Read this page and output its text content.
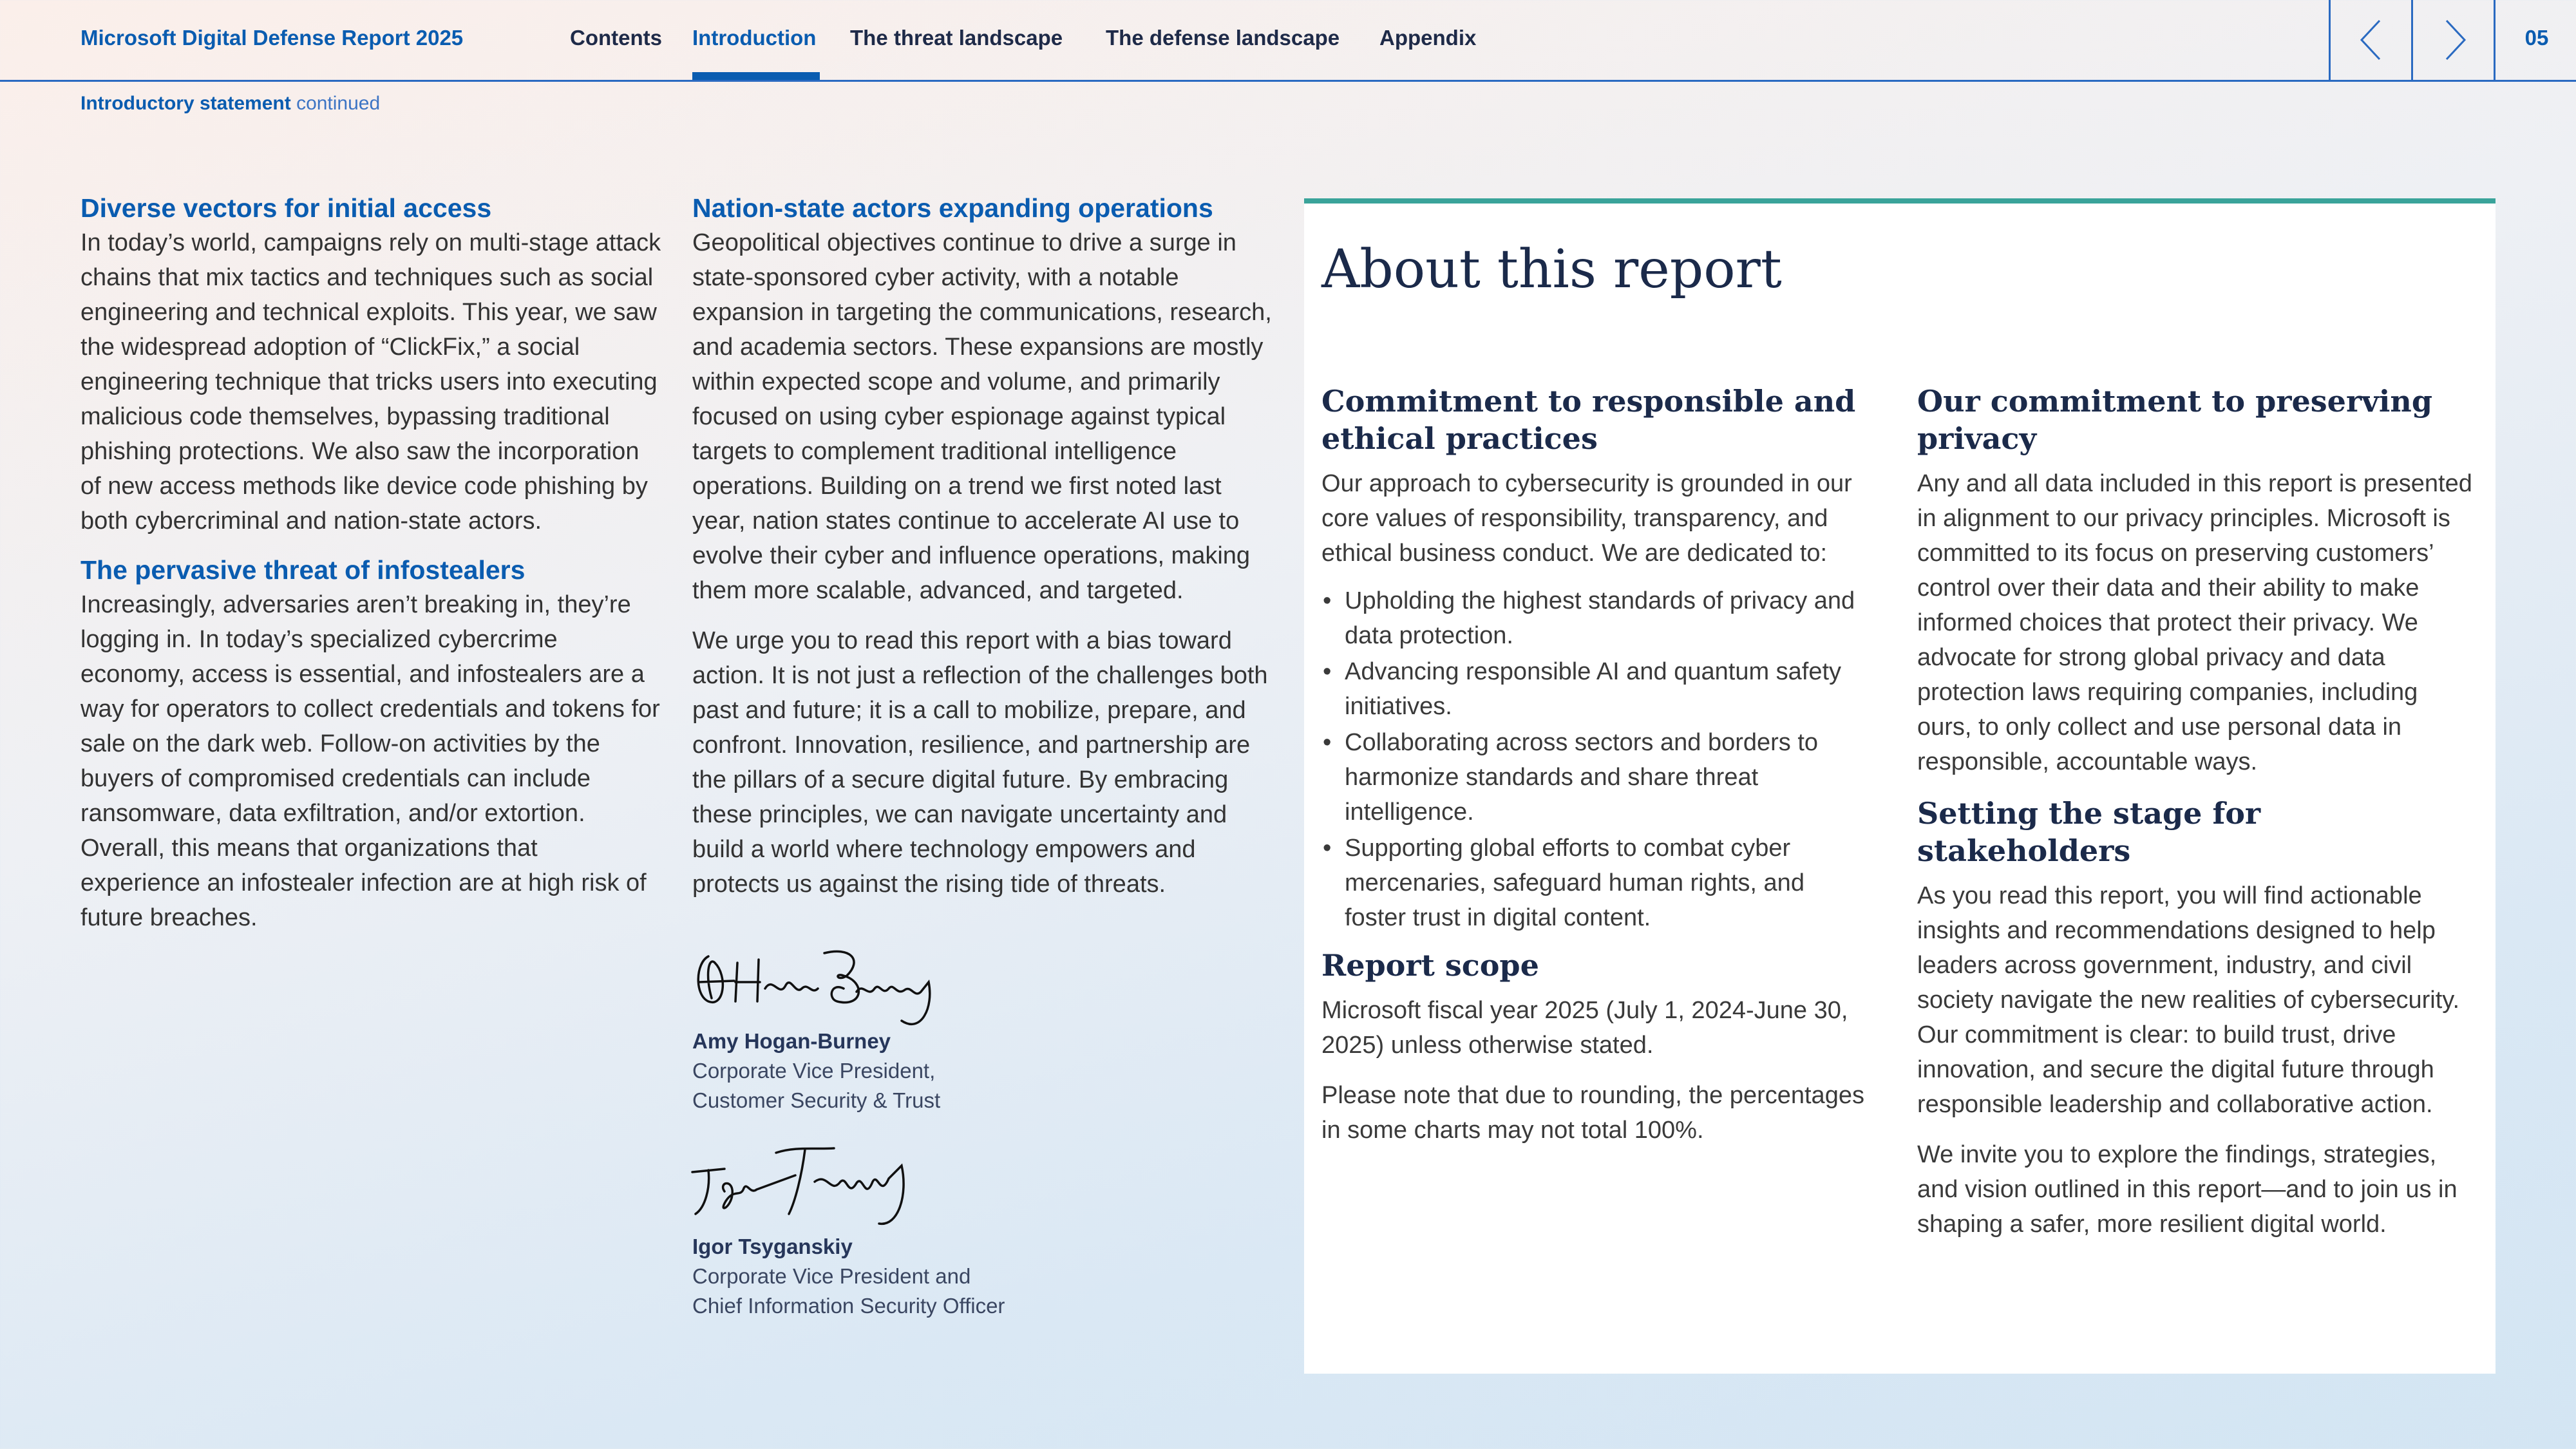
Microsoft Digital Defense Report 2025	Contents Introduction The threat landscape The defense landscape Appendix	05
Introductory statement continued
Diverse vectors for initial access

In today’s world, campaigns rely on multi-stage attack chains that mix tactics and techniques such as social engineering and technical exploits. This year, we saw the widespread adoption of “ClickFix,” a social engineering technique that tricks users into executing malicious code themselves, bypassing traditional phishing protections. We also saw the incorporation of new access methods like device code phishing by both cybercriminal and nation-state actors.

The pervasive threat of infostealers

Increasingly, adversaries aren’t breaking in, they’re logging in. In today’s specialized cybercrime economy, access is essential, and infostealers are a way for operators to collect credentials and tokens for sale on the dark web. Follow-on activities by the buyers of compromised credentials can include ransomware, data exfiltration, and/or extortion. Overall, this means that organizations that experience an infostealer infection are at high risk of future breaches.

Nation-state actors expanding operations

Geopolitical objectives continue to drive a surge in state-sponsored cyber activity, with a notable expansion in targeting the communications, research, and academia sectors. These expansions are mostly within expected scope and volume, and primarily focused on using cyber espionage against typical targets to complement traditional intelligence operations. Building on a trend we first noted last year, nation states continue to accelerate AI use to evolve their cyber and influence operations, making them more scalable, advanced, and targeted.

We urge you to read this report with a bias toward action. It is not just a reflection of the challenges both past and future; it is a call to mobilize, prepare, and confront. Innovation, resilience, and partnership are the pillars of a secure digital future. By embracing these principles, we can navigate uncertainty and build a world where technology empowers and protects us against the rising tide of threats.

Amy Hogan-Burney
Corporate Vice President,
Customer Security & Trust
Igor Tsyganskiy
Corporate Vice President and
Chief Information Security Officer
About this report
Commitment to responsible and ethical practices

Our approach to cybersecurity is grounded in our core values of responsibility, transparency, and ethical business conduct. We are dedicated to:

• Upholding the highest standards of privacy and data protection.
• Advancing responsible AI and quantum safety initiatives.
• Collaborating across sectors and borders to harmonize standards and share threat intelligence.
• Supporting global efforts to combat cyber mercenaries, safeguard human rights, and foster trust in digital content.
Report scope

Microsoft fiscal year 2025 (July 1, 2024-June 30, 2025) unless otherwise stated.

Please note that due to rounding, the percentages in some charts may not total 100%.

Our commitment to preserving privacy

Any and all data included in this report is presented in alignment to our privacy principles. Microsoft is committed to its focus on preserving customers’ control over their data and their ability to make informed choices that protect their privacy. We advocate for strong global privacy and data protection laws requiring companies, including ours, to only collect and use personal data in responsible, accountable ways.

Setting the stage for stakeholders

As you read this report, you will find actionable insights and recommendations designed to help leaders across government, industry, and civil society navigate the new realities of cybersecurity. Our commitment is clear: to build trust, drive innovation, and secure the digital future through responsible leadership and collaborative action.

We invite you to explore the findings, strategies, and vision outlined in this report—and to join us in shaping a safer, more resilient digital world.
